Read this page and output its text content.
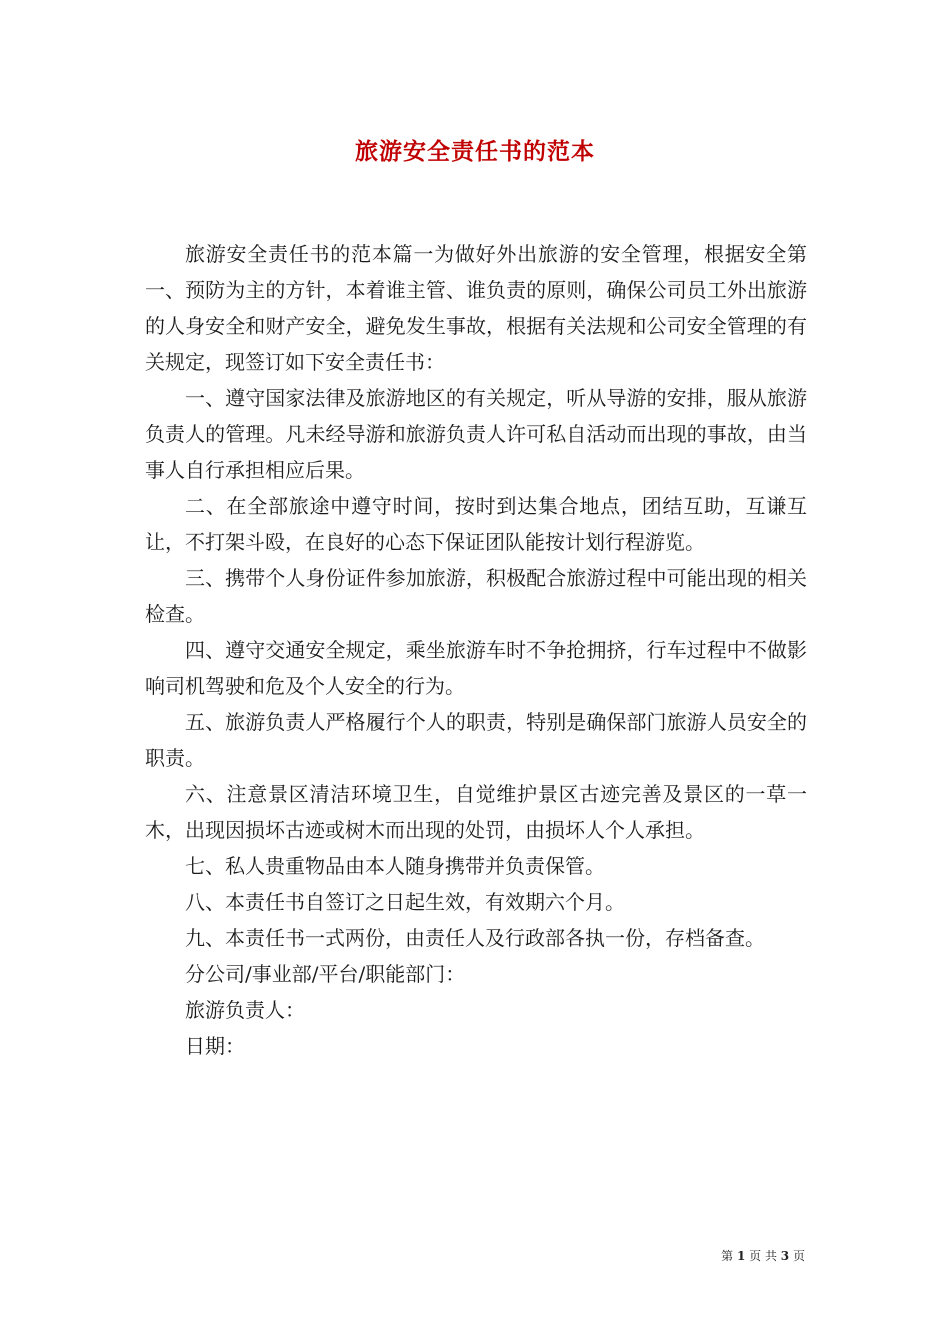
旅游安全责任书的范本

旅游安全责任书的范本篇一为做好外出旅游的安全管理，根据安全第一、预防为主的方针，本着谁主管、谁负责的原则，确保公司员工外出旅游的人身安全和财产安全，避免发生事故，根据有关法规和公司安全管理的有关规定，现签订如下安全责任书：

一、遵守国家法律及旅游地区的有关规定，听从导游的安排，服从旅游负责人的管理。凡未经导游和旅游负责人许可私自活动而出现的事故，由当事人自行承担相应后果。

二、在全部旅途中遵守时间，按时到达集合地点，团结互助，互谦互让，不打架斗殴，在良好的心态下保证团队能按计划行程游览。

三、携带个人身份证件参加旅游，积极配合旅游过程中可能出现的相关检查。

四、遵守交通安全规定，乘坐旅游车时不争抢拥挤，行车过程中不做影响司机驾驶和危及个人安全的行为。

五、旅游负责人严格履行个人的职责，特别是确保部门旅游人员安全的职责。

六、注意景区清洁环境卫生，自觉维护景区古迹完善及景区的一草一木，出现因损坏古迹或树木而出现的处罚，由损坏人个人承担。

七、私人贵重物品由本人随身携带并负责保管。

八、本责任书自签订之日起生效，有效期六个月。

九、本责任书一式两份，由责任人及行政部各执一份，存档备查。

分公司/事业部/平台/职能部门：

旅游负责人：

日期：

第 1 页 共 3 页
